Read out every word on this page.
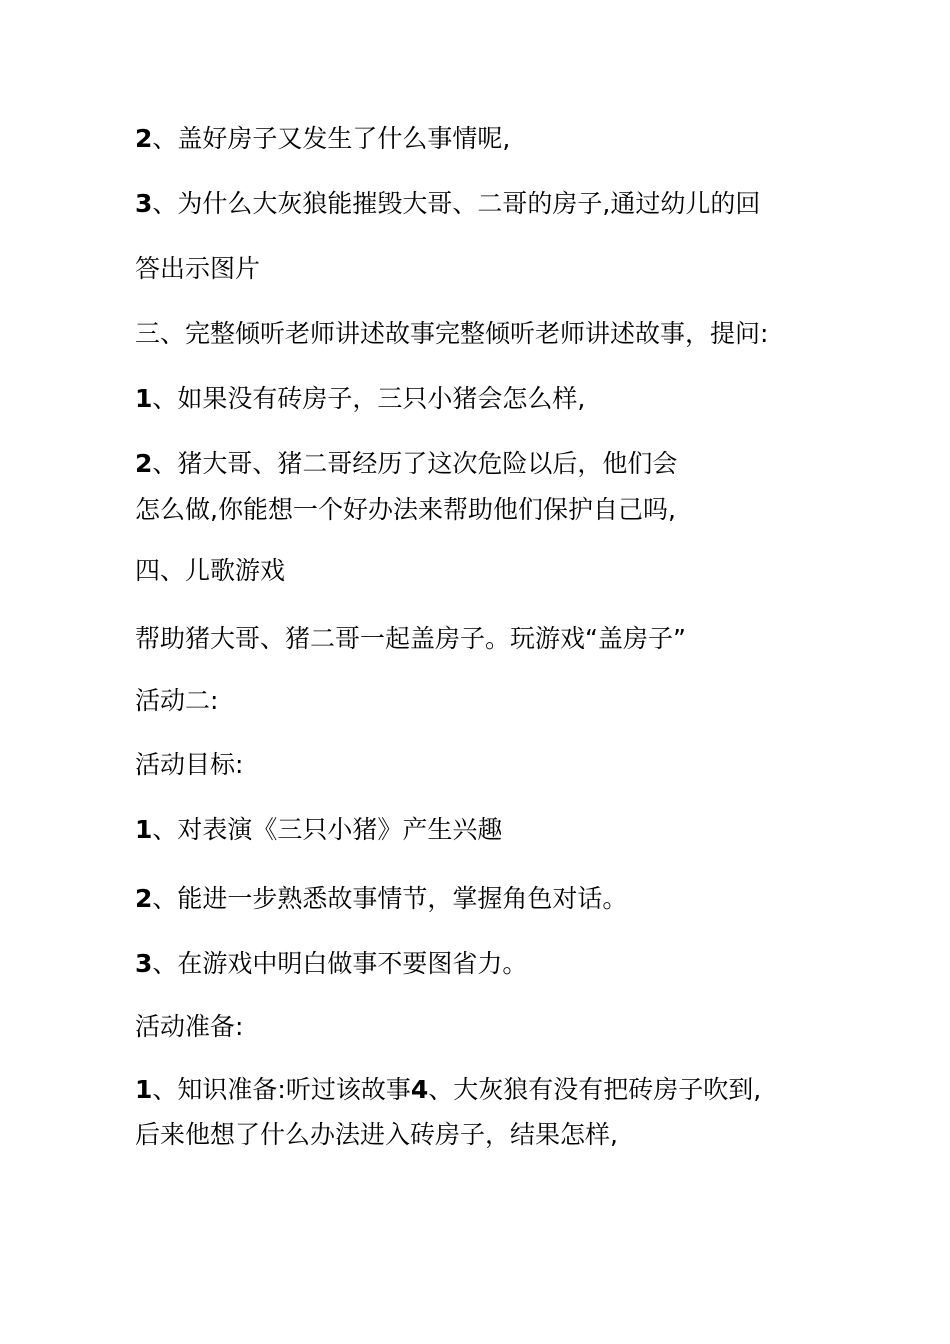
2、盖好房子又发生了什么事情呢,
3、为什么大灰狼能摧毁大哥、二哥的房子,通过幼儿的回
答出示图片
三、完整倾听老师讲述故事完整倾听老师讲述故事，提问:
1、如果没有砖房子，三只小猪会怎么样,
2、猪大哥、猪二哥经历了这次危险以后，他们会
怎么做,你能想一个好办法来帮助他们保护自己吗,
四、儿歌游戏
帮助猪大哥、猪二哥一起盖房子。玩游戏“盖房子”
活动二:
活动目标:
1、对表演《三只小猪》产生兴趣
2、能进一步熟悉故事情节，掌握角色对话。
3、在游戏中明白做事不要图省力。
活动准备:
1、知识准备:听过该故事4、大灰狼有没有把砖房子吹到,
后来他想了什么办法进入砖房子，结果怎样,
